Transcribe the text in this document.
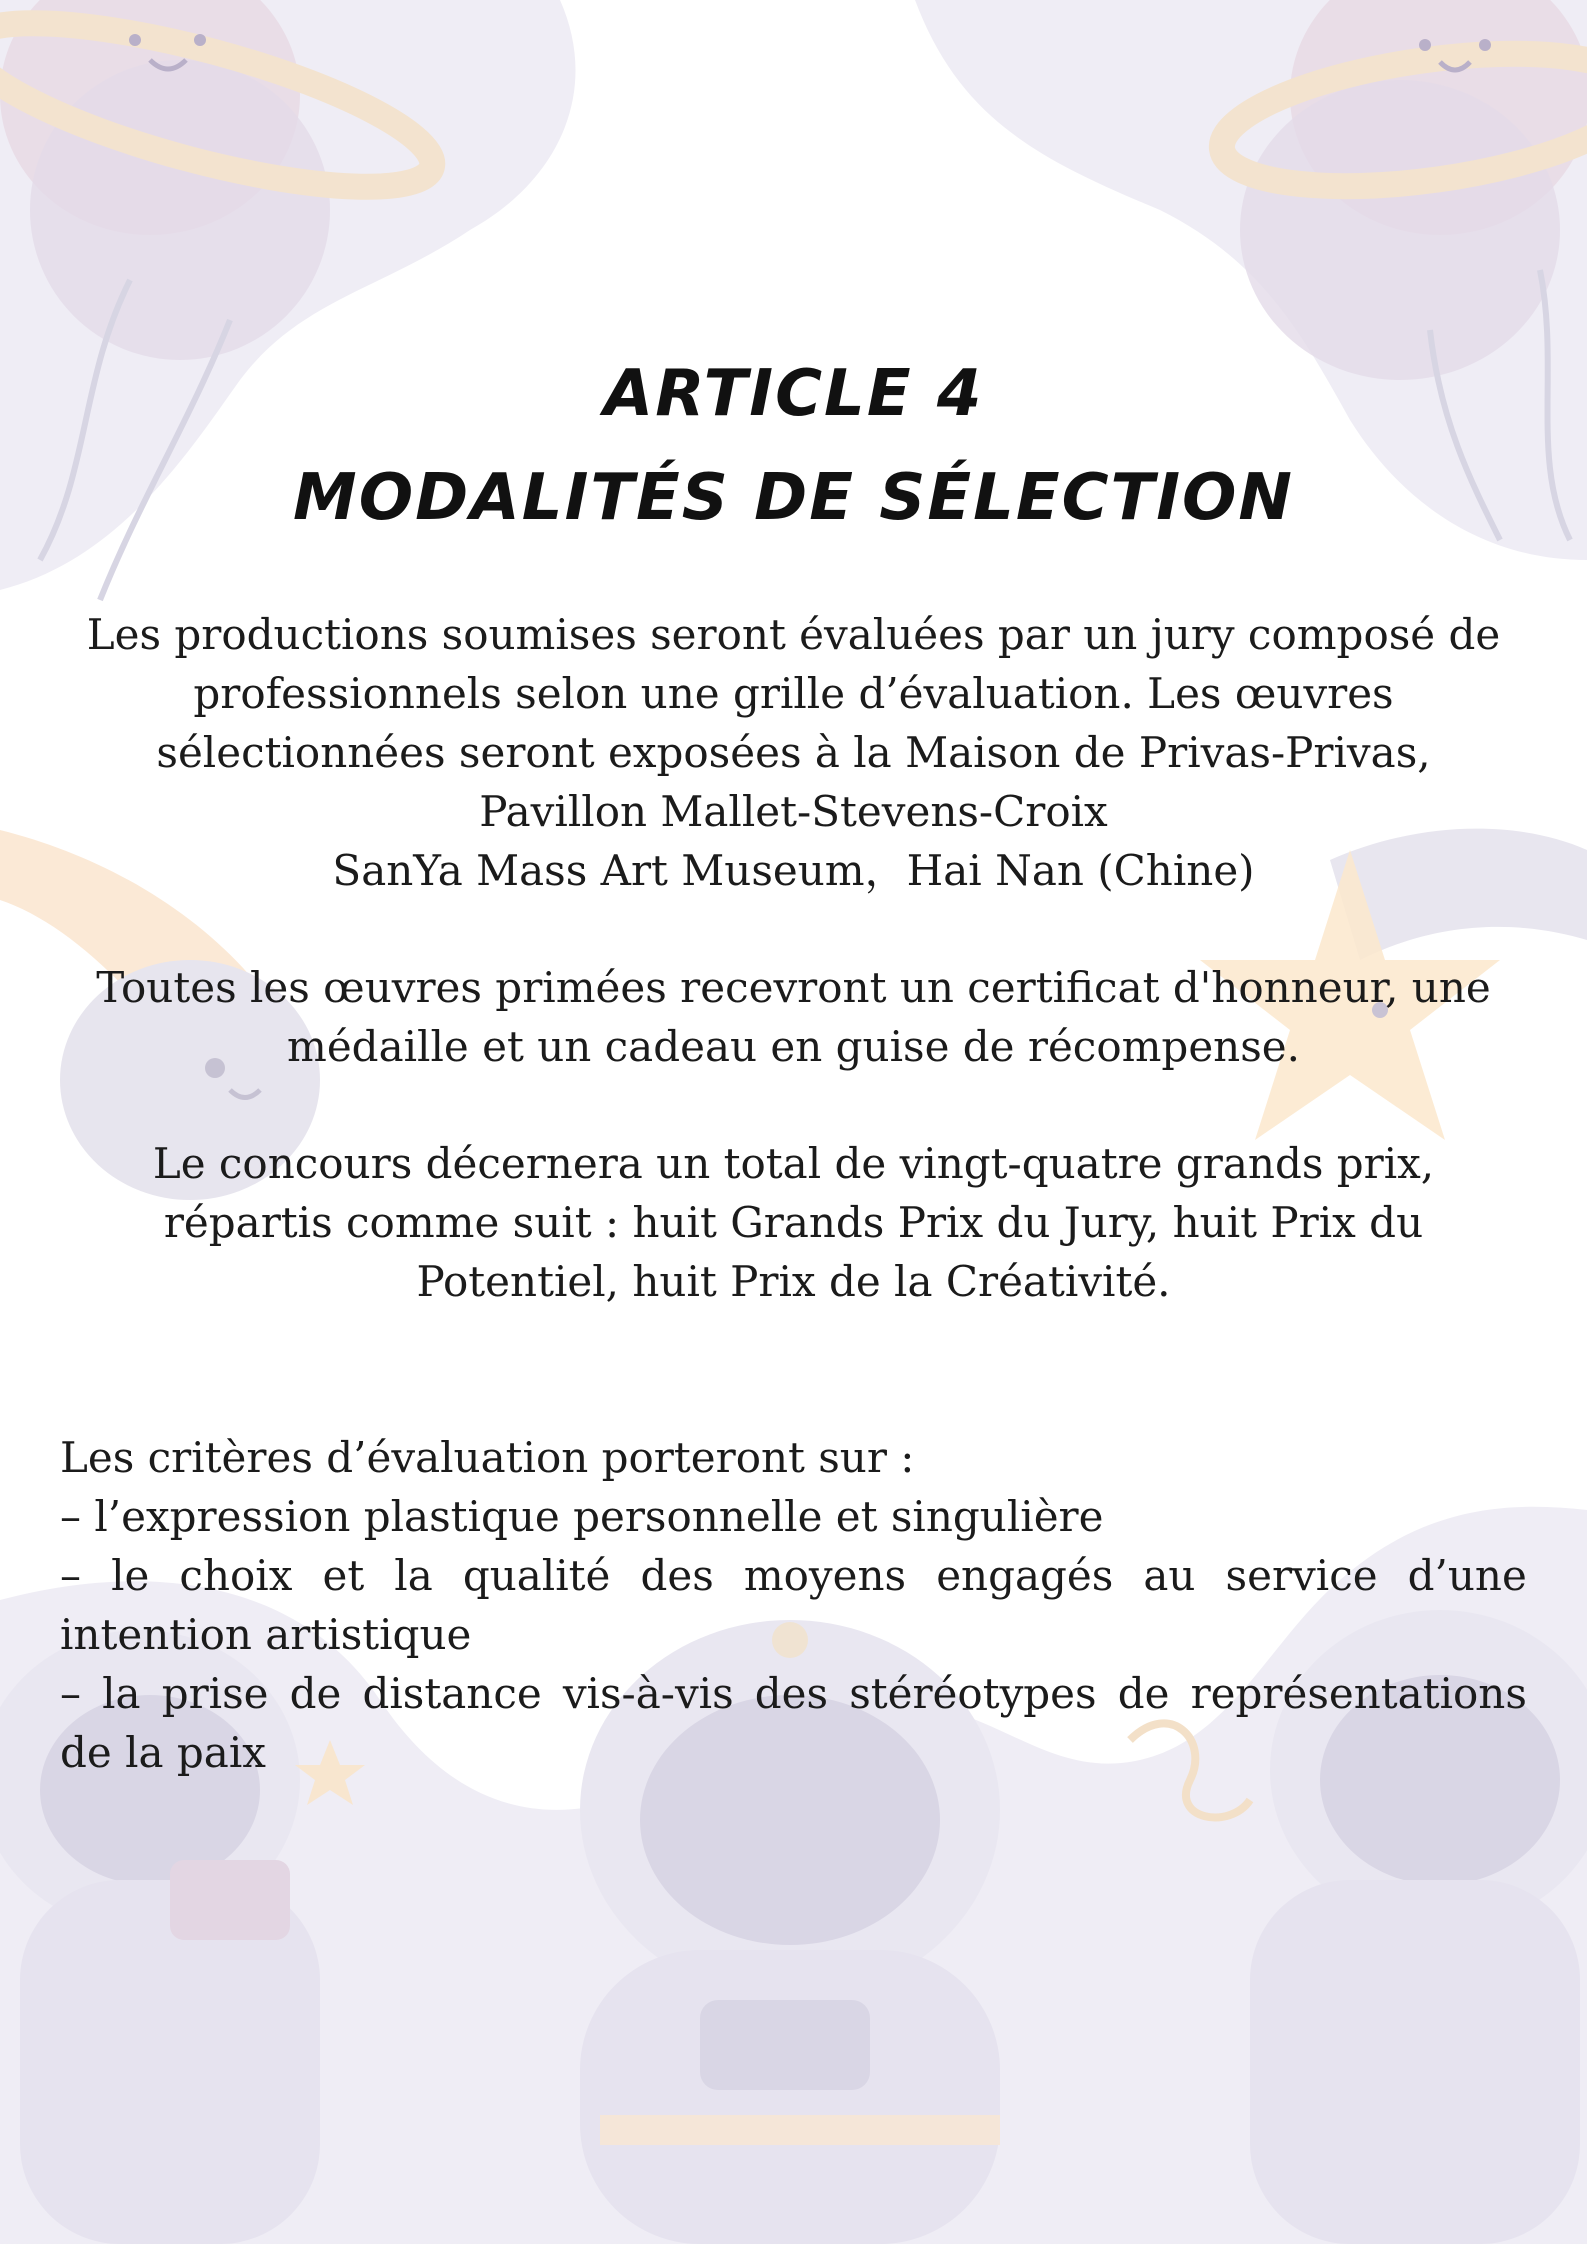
ARTICLE 4
MODALITÉS DE SÉLECTION
Les productions soumises seront évaluées par un jury composé de
professionnels selon une grille d’évaluation. Les œuvres
sélectionnées seront exposées à la Maison de Privas-Privas,
Pavillon Mallet-Stevens-Croix
SanYa Mass Art Museum，Hai Nan (Chine)
Toutes les œuvres primées recevront un certificat d'honneur, une
médaille et un cadeau en guise de récompense.
Le concours décernera un total de vingt-quatre grands prix,
répartis comme suit : huit Grands Prix du Jury, huit Prix du
Potentiel, huit Prix de la Créativité.
Les critères d’évaluation porteront sur :
– l’expression plastique personnelle et singulière
– le choix et la qualité des moyens engagés au service d’une
intention artistique
– la prise de distance vis-à-vis des stéréotypes de représentations
de la paix
